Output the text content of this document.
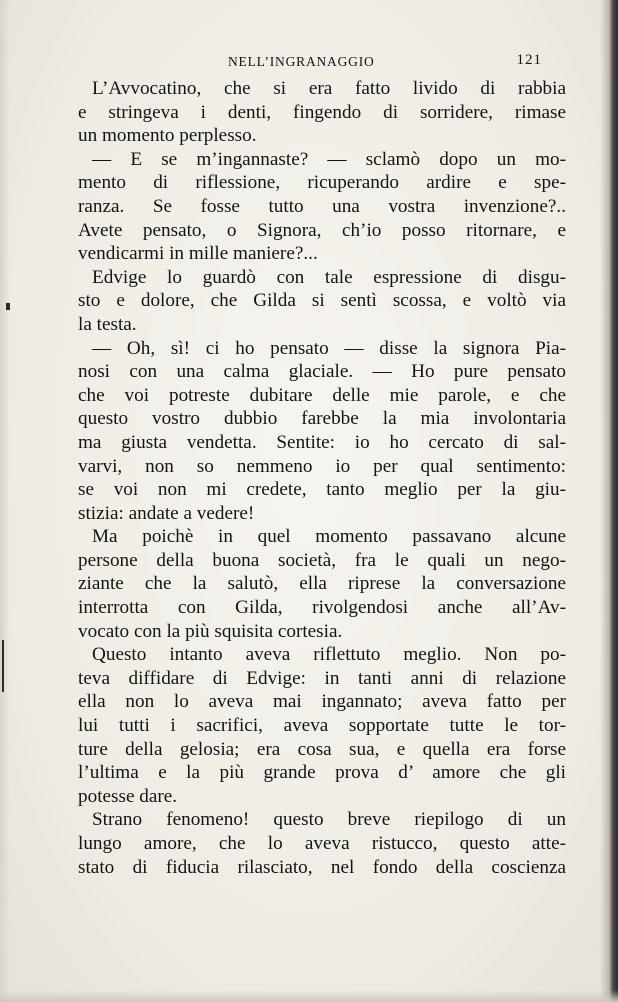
NELL’INGRANAGGIO	121
L’Avvocatino, che si era fatto livido di rabbia
e stringeva i denti, fingendo di sorridere, rimase
un momento perplesso.
— E se m’ingannaste? — sclamò dopo un mo-
mento di riflessione, ricuperando ardire e spe-
ranza. Se fosse tutto una vostra invenzione?..
Avete pensato, o Signora, ch’io posso ritornare, e
vendicarmi in mille maniere?...
Edvige lo guardò con tale espressione di disgu-
sto e dolore, che Gilda si sentì scossa, e voltò via
la testa.
— Oh, sì! ci ho pensato — disse la signora Pia-
nosi con una calma glaciale. — Ho pure pensato
che voi potreste dubitare delle mie parole, e che
questo vostro dubbio farebbe la mia involontaria
ma giusta vendetta. Sentite: io ho cercato di sal-
varvi, non so nemmeno io per qual sentimento:
se voi non mi credete, tanto meglio per la giu-
stizia: andate a vedere!
Ma poichè in quel momento passavano alcune
persone della buona società, fra le quali un nego-
ziante che la salutò, ella riprese la conversazione
interrotta con Gilda, rivolgendosi anche all’Av-
vocato con la più squisita cortesia.
Questo intanto aveva riflettuto meglio. Non po-
teva diffidare di Edvige: in tanti anni di relazione
ella non lo aveva mai ingannato; aveva fatto per
lui tutti i sacrifici, aveva sopportate tutte le tor-
ture della gelosia; era cosa sua, e quella era forse
l’ultima e la più grande prova d’ amore che gli
potesse dare.
Strano fenomeno! questo breve riepilogo di un
lungo amore, che lo aveva ristucco, questo atte-
stato di fiducia rilasciato, nel fondo della coscienza
